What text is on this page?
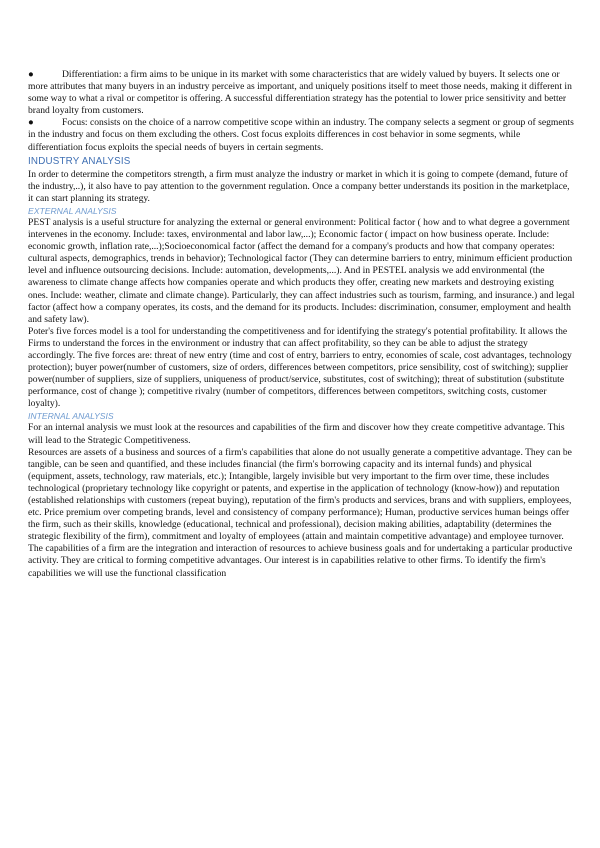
●	Differentiation: a firm aims to be unique in its market with some characteristics that are widely valued by buyers. It selects one or more attributes that many buyers in an industry perceive as important, and uniquely positions itself to meet those needs, making it different in some way to what a rival or competitor is offering. A successful differentiation strategy has the potential to lower price sensitivity and better brand loyalty from customers.

●	Focus: consists on the choice of a narrow competitive scope within an industry. The company selects a segment or group of segments in the industry and focus on them excluding the others. Cost focus exploits differences in cost behavior in some segments, while differentiation focus exploits the special needs of buyers in certain segments.

INDUSTRY ANALYSIS

In order to determine the competitors strength, a firm must analyze the industry or market in which it is going to compete (demand, future of the industry,..), it also have to pay attention to the government regulation. Once a company better understands its position in the marketplace, it can start planning its strategy.

EXTERNAL ANALYSIS

PEST analysis is a useful structure for analyzing the external or general environment: Political factor ( how and to what degree a government intervenes in the economy. Include: taxes, environmental and labor law,...); Economic factor ( impact on how business operate. Include: economic growth, inflation rate,...);Socioeconomical factor (affect the demand for a company's products and how that company operates: cultural aspects, demographics, trends in behavior); Technological factor (They can determine barriers to entry, minimum efficient production level and influence outsourcing decisions. Include: automation, developments,...). And in PESTEL analysis we add environmental (the awareness to climate change affects how companies operate and which products they offer, creating new markets and destroying existing ones. Include: weather, climate and climate change). Particularly, they can affect industries such as tourism, farming, and insurance.) and legal factor (affect how a company operates, its costs, and the demand for its products. Includes: discrimination, consumer, employment and health and safety law).

Poter's five forces model is a tool for understanding the competitiveness and for identifying the strategy's potential profitability. It allows the Firms to understand the forces in the environment or industry that can affect profitability, so they can be able to adjust the strategy accordingly. The five forces are: threat of new entry (time and cost of entry, barriers to entry, economies of scale, cost advantages, technology protection); buyer power(number of customers, size of orders, differences between competitors, price sensibility, cost of switching); supplier power(number of suppliers, size of suppliers, uniqueness of product/service, substitutes, cost of switching); threat of substitution (substitute performance, cost of change ); competitive rivalry (number of competitors, differences between competitors, switching costs, customer loyalty).

INTERNAL ANALYSIS

For an internal analysis we must look at the resources and capabilities of the firm and discover how they create competitive advantage. This will lead to the Strategic Competitiveness.

Resources are assets of a business and sources of a firm's capabilities that alone do not usually generate a competitive advantage. They can be tangible, can be seen and quantified, and these includes financial (the firm's borrowing capacity and its internal funds) and physical (equipment, assets, technology, raw materials, etc.); Intangible, largely invisible but very important to the firm over time, these includes technological (proprietary technology like copyright or patents, and expertise in the application of technology (know-how)) and reputation (established relationships with customers (repeat buying), reputation of the firm's products and services, brans and with suppliers, employees, etc. Price premium over competing brands, level and consistency of company performance); Human, productive services human beings offer the firm, such as their skills, knowledge (educational, technical and professional), decision making abilities, adaptability (determines the strategic flexibility of the firm), commitment and loyalty of employees (attain and maintain competitive advantage) and employee turnover.

The capabilities of a firm are the integration and interaction of resources to achieve business goals and for undertaking a particular productive activity. They are critical to forming competitive advantages. Our interest is in capabilities relative to other firms. To identify the firm's capabilities we will use the functional classification
